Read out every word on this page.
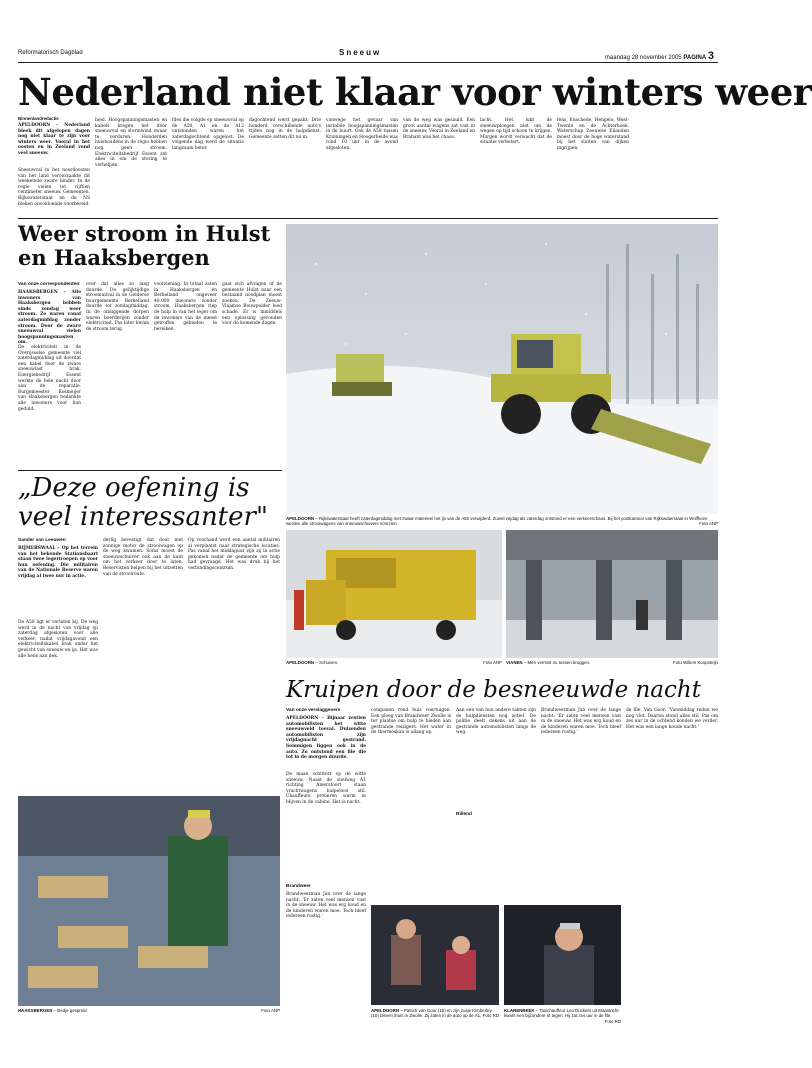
Reformatorisch Dagblad	Sneeuw
maandag 28 november 2005 PAGINA 3
Nederland niet klaar voor winters weer
Binnenlandredactie
APELDOORN – Nederland bleek dit afgelopen dagen nog niet klaar te zijn voor winters weer. Vooral in het oosten en in Zeeland vond veel sneeuw.
Sneeuwval in het noordoosten van het land veroorzaakte dit weekeinde zware hinder. In de regio vielen tot vijftien centimeter sneeuw. Gemeenten, Rijkswaterstaat en de NS bleken onvoldoende voorbereid.
bied. Hoogspanningsmasten en kabels kregen het door sneeuwval en stormwind zwaar te verduren. Honderden huishoudens in de regio hebben nog geen stroom. Elektriciteitsbedrijf Essent zet alles in om de storing te verhelpen.
files die volgde op sneeuwval op de A50, A1 en de A12 ontstonden waren het zaterdagochtend opgelost. De volgende dag werd de situatie langzaam beter.
dagochtend werd gepakt. Drie honderd verschillende auto's rijden nog in de hulpdienst. Gemeente zetten dit nu in.
vanwege het gevaar van instabile hoogspanningsmasten in de buurt. Ook de A58 tussen Kruiningen en Hoogerheide was rond 10 uur in de avond afgesloten.
van de weg was gesauld. Een groot aantal wagens zat vast in de sneeuw. Vooral in Zeeland en Brabant was het chaos.
lacht. Het lukt de sneeuwploegen niet om de wegen op tijd schoon te krijgen. Morgen wordt verwacht dat de situatie verbetert.
fens, Enschede, Hengelo, West-Twente en de Achterhoek. Waterschap Zeeuwse Eilanden moest door de hoge waterstand bij het sluiten van dijken ingrijpen.
Weer stroom in Hulst en Haaksbergen
Van onze correspondenten
HAAKSBERGEN – Alle inwoners van Haaksbergen hebben sinds zondag weer stroom. Ze waren vanaf zaterdagmiddag zonder stroom. Door de zware sneeuwval vielen hoogspanningsmasten om.
De elektriciteit in de Overijsselse gemeente viel zaterdagmiddag uit doordat een kabel door de zware sneeuwlast brak. Energiebedrijf Essent werkte de hele nacht door aan de reparatie. Burgemeester Kosmeijer van Haaksbergen bedankte alle inwoners voor hun geduld.
over dat alles zo lang duurde. De gelijktijdige stroomuitval in de Gelderse buurgemeente Berkelland duurde tot zondagmiddag. In de omliggende dorpen waren boerderijen zonder elektriciteit. Pas later kwam de stroom terug.
voorziening. In totaal zaten in Haaksbergen en Berkelland ongeveer 40.000 inwoners zonder stroom. Haaksbergen riep de hulp in van het leger om de inwoners van de meest getroffen gebieden te bereiken.
gaat zich afvragen of de gemeente Hulst naar een bestaand noodplan moest zoeken. De Zeeuw-Vlaamse Bouwpolder leed schade. Er is inmiddels een oplossing gevonden voor de komende dagen.
APELDOORN – Rijkswaterstaat heeft zaterdagmiddag met zwaar materieel het ijs van de A50 verwijderd. Zowel vrijdag als zaterdag ontstond er een verkeerschaos. Bij het postkantoor van Rijkswaterstaat in Wolfheze werden alle strooiwagens van sneeuwschuivers voorzien.	Foto ANP
„Deze oefening is veel interessanter"
Sander van Leeuwen
BIJMERSWAAL – Op het terrein van het bekende Stationsbaart staan twee legertroepen op voor hun oefening. Die militairen van de Nationale Reserve waren vrijdag al twee uur in actie.
De A58 ligt er verlaten bij. De weg werd in de nacht van vrijdag op zaterdag afgesloten voor alle verkeer, nadat vrijdagavond een elektriciteitskabel brak onder het gewicht van sneeuw en ijs. Het was alle hens aan dek.
derlig bevestigt dat door met zonnige motor de strooiwagen op de weg kwamen. Soms moest de sneeuwschuiver ook aan de kant om het verkeer door te laten. Reservisten helpen bij het uitzetten van de strooiroute.
Op voorhand werd een aantal militairen al verplaatst naar strategische locaties. Pas vanaf het middaguur zijn zij in actie gekomen nadat de gemeente om hulp had gevraagd. Het was druk bij het verbindingscentrum.
APELDOORN – Schuiven.	Foto ANP VIANEN – Men vermist nu tussen bruggen.	Foto Willem Koopsteijn
Kruipen door de besneeuwde nacht
Van onze verslaggevers
APELDOORN – Bijnaar zestien automobilisten het witte sneeuwveld toeval. Duizenden automobilisten zijn vrijdagnacht gestrand. Sommigen liggen ook in de auto. Zo ontstond een file die tot in de morgen duurde.
De maan schittert op de witte sneeuw. Naast de snelweg A1 richting Amersfoort staan vrachtwagens hulpeloos stil. Chauffeurs proberen warm te blijven in de cabine. Het is nacht.
Brandweer
Brandweerman Jan over de lange nacht: 'Er zaten veel mensen vast in de sneeuw. Het was erg koud en de kinderen waren moe. Toch bleef iedereen rustig.'
companen rond huis voertuigen. Een ploeg van Brandweer Zwolle is ter plaatse om hulp te bieden aan gestrande reizigers. Het water in de thermoskan is allang op.
Aan een van hun andere takten zijn de hulpdiensten nog actief. De politie deelt dekens uit aan de gestrande automobilisten langs de weg.
Rillend
Brandweerman Jan over de lange nacht: 'Er zaten veel mensen vast in de sneeuw. Het was erg koud en de kinderen waren moe. Toch bleef iedereen rustig.'
de file. Van Goor: 'Vanmiddag reden we nog vlot. Daarna stond alles stil. Pas om zes uur in de ochtend konden we verder. Het was een lange koude nacht.'
HAAKSBERGEN – Bedje gespreid.	Foto ANP	APELDOORN – Patrick van Goor (15) en zijn zusje Kimberley (10) bleven thuis in Zwolle. Zij zaten in de auto op de A1. Foto RD
KLARENBEEK – Taxichauffeur Leo Duckers uit Maastricht kwam een bijzondere rit tegen. Hij zat zes uur in de file.
Foto RD
